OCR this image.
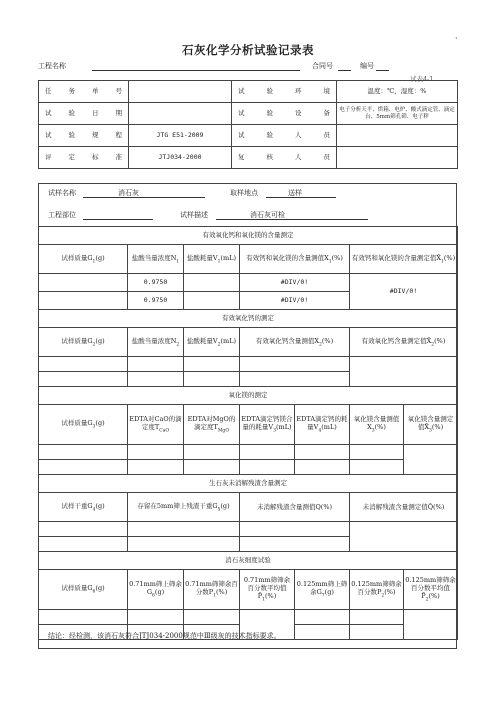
·
石灰化学分析试验记录表
工程名称	合同号	编号
试表4-1
任　务　单　号		试　验　环　境	温度：℃，湿度：%
试　验　日　期		试　验　设　备	电子分析天平、烘箱、电炉、酸式滴定管、滴定台、5mm筛孔筛、电子秤
试　验　规　程	JTG E51-2009	试　验　人　员	
评　定　标　准	JTJ034-2000	复　核　人　员	
试样名称	消石灰	取样地点	送样
工程部位	试样描述	消石灰可检
有效氧化钙和氧化镁的含量测定						
试样质量$G_1(g)$	盐酸当量浓度$N_1$	盐酸耗量$V_1(mL)$	有效钙和氧化镁的含量测值$X_1(\%)$		有效钙和氧化镁的含量测定值$X̄_1(\%)$	
	0.9750		#DIV/0!		#DIV/0!	
	0.9750		#DIV/0!			
有效氧化钙的测定						
试样质量$G_2(g)$	盐酸当量浓度$N_2$	盐酸耗量$V_2(mL)$	有效氧化钙含量测值$X_2(\%)$		有效氧化钙含量测定值$X̄_2(\%)$	

氧化镁的测定						
试样质量$G_3(g)$	EDTA对CaO的滴定度$T_{CaO}$	EDTA对MgO的滴定度$T_{MgO}$	EDTA滴定钙镁合量的耗量$V_3(mL)$	EDTA滴定钙的耗量$V_4(mL)$	氧化镁含量测值$X_3(\%)$	氧化镁含量测定值$X̄_3(\%)$

生石灰未消解残渣含量测定						
试样干重$G_4(g)$	存留在5mm筛上残渣干重$G_5(g)$		未消解残渣含量测值Q(%)		未消解残渣含量测定值Q̄(%)	

消石灰细度试验						
试样质量$G_6(g)$	0.71mm筛上筛余$G_6(g)$	0.71mm筛筛余百分数$P_1(\%)$	0.71mm筛筛余百分数平均值$P̄_1(\%)$	0.125mm筛上筛余$G_7(g)$	0.125mm筛筛余百分数$P_2(\%)$	0.125mm筛筛余百分数平均值$P̄_2(\%)$

结论：经检测，该消石灰符合JTJ034-2000规范中Ⅲ级灰的技术指标要求。
